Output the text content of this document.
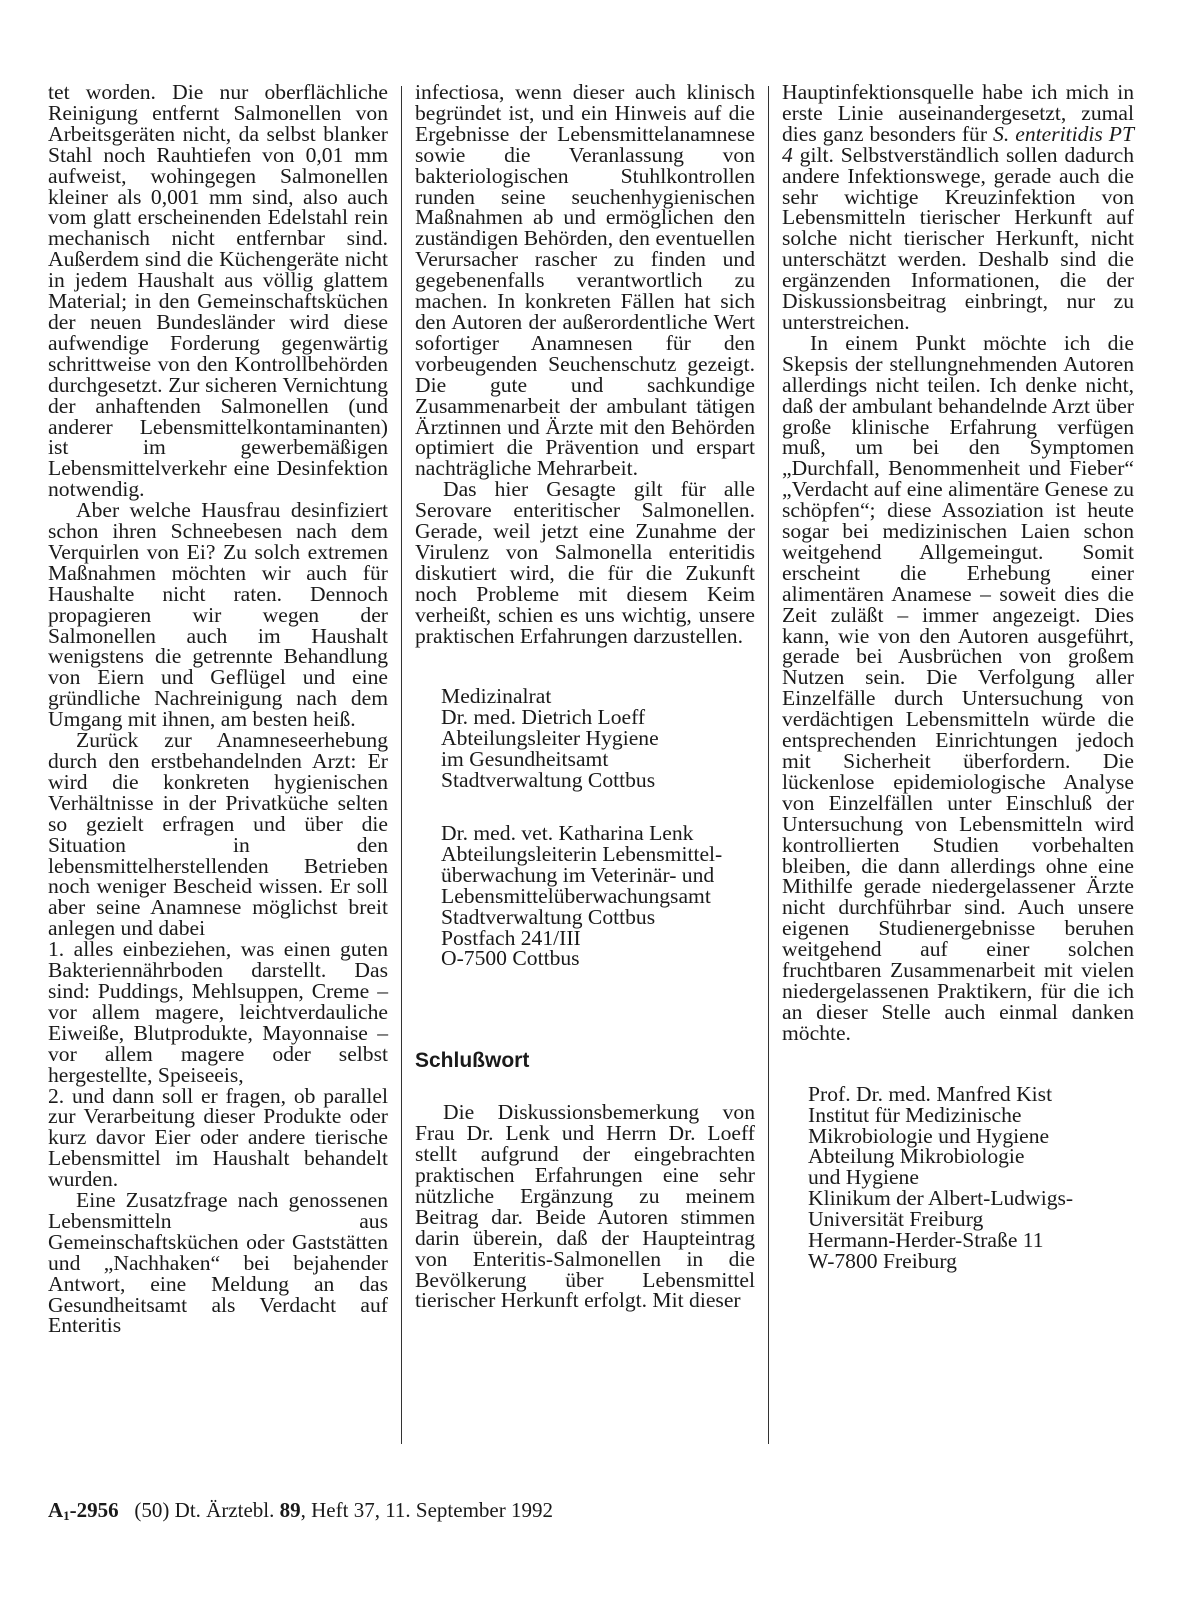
tet worden. Die nur oberflächliche Reinigung entfernt Salmonellen von Arbeitsgeräten nicht, da selbst blanker Stahl noch Rauhtiefen von 0,01 mm aufweist, wohingegen Salmonellen kleiner als 0,001 mm sind, also auch vom glatt erscheinenden Edelstahl rein mechanisch nicht entfernbar sind. Außerdem sind die Küchengeräte nicht in jedem Haushalt aus völlig glattem Material; in den Gemeinschaftsküchen der neuen Bundesländer wird diese aufwendige Forderung gegenwärtig schrittweise von den Kontrollbehörden durchgesetzt. Zur sicheren Vernichtung der anhaftenden Salmonellen (und anderer Lebensmittelkontaminanten) ist im gewerbemäßigen Lebensmittelverkehr eine Desinfektion notwendig.

Aber welche Hausfrau desinfiziert schon ihren Schneebesen nach dem Verquirlen von Ei? Zu solch extremen Maßnahmen möchten wir auch für Haushalte nicht raten. Dennoch propagieren wir wegen der Salmonellen auch im Haushalt wenigstens die getrennte Behandlung von Eiern und Geflügel und eine gründliche Nachreinigung nach dem Umgang mit ihnen, am besten heiß.

Zurück zur Anamneseerhebung durch den erstbehandelnden Arzt: Er wird die konkreten hygienischen Verhältnisse in der Privatküche selten so gezielt erfragen und über die Situation in den lebensmittelherstellenden Betrieben noch weniger Bescheid wissen. Er soll aber seine Anamnese möglichst breit anlegen und dabei

1. alles einbeziehen, was einen guten Bakteriennährboden darstellt. Das sind: Puddings, Mehlsuppen, Creme – vor allem magere, leichtverdauliche Eiweiße, Blutprodukte, Mayonnaise – vor allem magere oder selbst hergestellte, Speiseeis,

2. und dann soll er fragen, ob parallel zur Verarbeitung dieser Produkte oder kurz davor Eier oder andere tierische Lebensmittel im Haushalt behandelt wurden.

Eine Zusatzfrage nach genossenen Lebensmitteln aus Gemeinschaftsküchen oder Gaststätten und „Nachhaken“ bei bejahender Antwort, eine Meldung an das Gesundheitsamt als Verdacht auf Enteritis

infectiosa, wenn dieser auch klinisch begründet ist, und ein Hinweis auf die Ergebnisse der Lebensmittelanamnese sowie die Veranlassung von bakteriologischen Stuhlkontrollen runden seine seuchenhygienischen Maßnahmen ab und ermöglichen den zuständigen Behörden, den eventuellen Verursacher rascher zu finden und gegebenenfalls verantwortlich zu machen. In konkreten Fällen hat sich den Autoren der außerordentliche Wert sofortiger Anamnesen für den vorbeugenden Seuchenschutz gezeigt. Die gute und sachkundige Zusammenarbeit der ambulant tätigen Ärztinnen und Ärzte mit den Behörden optimiert die Prävention und erspart nachträgliche Mehrarbeit.

Das hier Gesagte gilt für alle Serovare enteritischer Salmonellen. Gerade, weil jetzt eine Zunahme der Virulenz von Salmonella enteritidis diskutiert wird, die für die Zukunft noch Probleme mit diesem Keim verheißt, schien es uns wichtig, unsere praktischen Erfahrungen darzustellen.

Medizinalrat

Dr. med. Dietrich Loeff

Abteilungsleiter Hygiene

im Gesundheitsamt

Stadtverwaltung Cottbus

Dr. med. vet. Katharina Lenk

Abteilungsleiterin Lebensmittel-

überwachung im Veterinär- und

Lebensmittelüberwachungsamt

Stadtverwaltung Cottbus

Postfach 241/III

O-7500 Cottbus

Schlußwort

Die Diskussionsbemerkung von Frau Dr. Lenk und Herrn Dr. Loeff stellt aufgrund der eingebrachten praktischen Erfahrungen eine sehr nützliche Ergänzung zu meinem Beitrag dar. Beide Autoren stimmen darin überein, daß der Haupteintrag von Enteritis-Salmonellen in die Bevölkerung über Lebensmittel tierischer Herkunft erfolgt. Mit dieser

Hauptinfektionsquelle habe ich mich in erste Linie auseinandergesetzt, zumal dies ganz besonders für S. enteritidis PT 4 gilt. Selbstverständlich sollen dadurch andere Infektionswege, gerade auch die sehr wichtige Kreuzinfektion von Lebensmitteln tierischer Herkunft auf solche nicht tierischer Herkunft, nicht unterschätzt werden. Deshalb sind die ergänzenden Informationen, die der Diskussionsbeitrag einbringt, nur zu unterstreichen.

In einem Punkt möchte ich die Skepsis der stellungnehmenden Autoren allerdings nicht teilen. Ich denke nicht, daß der ambulant behandelnde Arzt über große klinische Erfahrung verfügen muß, um bei den Symptomen „Durchfall, Benommenheit und Fieber“ „Verdacht auf eine alimentäre Genese zu schöpfen“; diese Assoziation ist heute sogar bei medizinischen Laien schon weitgehend Allgemeingut. Somit erscheint die Erhebung einer alimentären Anamese – soweit dies die Zeit zuläßt – immer angezeigt. Dies kann, wie von den Autoren ausgeführt, gerade bei Ausbrüchen von großem Nutzen sein. Die Verfolgung aller Einzelfälle durch Untersuchung von verdächtigen Lebensmitteln würde die entsprechenden Einrichtungen jedoch mit Sicherheit überfordern. Die lückenlose epidemiologische Analyse von Einzelfällen unter Einschluß der Untersuchung von Lebensmitteln wird kontrollierten Studien vorbehalten bleiben, die dann allerdings ohne eine Mithilfe gerade niedergelassener Ärzte nicht durchführbar sind. Auch unsere eigenen Studienergebnisse beruhen weitgehend auf einer solchen fruchtbaren Zusammenarbeit mit vielen niedergelassenen Praktikern, für die ich an dieser Stelle auch einmal danken möchte.

Prof. Dr. med. Manfred Kist

Institut für Medizinische

Mikrobiologie und Hygiene

Abteilung Mikrobiologie

und Hygiene

Klinikum der Albert-Ludwigs-

Universität Freiburg

Hermann-Herder-Straße 11

W-7800 Freiburg

$A_1-2956$ (50) Dt. Ärztebl. 89, Heft 37, 11. September 1992
